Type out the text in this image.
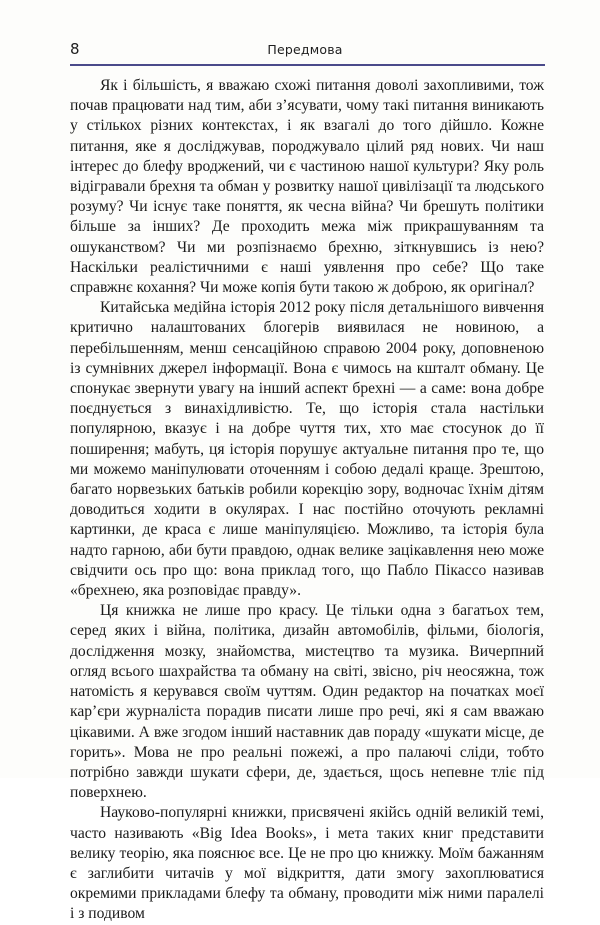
8	Передмова

Як і більшість, я вважаю схожі питання доволі захопливими, тож почав працювати над тим, аби з’ясувати, чому такі питання виникають у стількох різних контекстах, і як взагалі до того дійшло. Кожне питання, яке я досліджував, породжувало цілий ряд нових. Чи наш інтерес до блефу вроджений, чи є частиною нашої культури? Яку роль відігравали брехня та обман у розвитку нашої цивілізації та людського розуму? Чи існує таке поняття, як чесна війна? Чи брешуть політики більше за інших? Де проходить межа між прикрашуванням та ошуканством? Чи ми розпізнаємо брехню, зіткнувшись із нею? Наскільки реалістичними є наші уявлення про себе? Що таке справжнє кохання? Чи може копія бути такою ж доброю, як оригінал?

Китайська медійна історія 2012 року після детальнішого вивчення критично налаштованих блогерів виявилася не новиною, а перебільшенням, менш сенсаційною справою 2004 року, доповненою із сумнівних джерел інформації. Вона є чимось на кшталт обману. Це спонукає звернути увагу на інший аспект брехні — а саме: вона добре поєднується з винахідливістю. Те, що історія стала настільки популярною, вказує і на добре чуття тих, хто має стосунок до її поширення; мабуть, ця історія порушує актуальне питання про те, що ми можемо маніпулювати оточенням і собою дедалі краще. Зрештою, багато норвезьких батьків робили корекцію зору, водночас їхнім дітям доводиться ходити в окулярах. І нас постійно оточують рекламні картинки, де краса є лише маніпуляцією. Можливо, та історія була надто гарною, аби бути правдою, однак велике зацікавлення нею може свідчити ось про що: вона приклад того, що Пабло Пікассо називав «брехнею, яка розповідає правду».

Ця книжка не лише про красу. Це тільки одна з багатьох тем, серед яких і війна, політика, дизайн автомобілів, фільми, біологія, дослідження мозку, знайомства, мистецтво та музика. Вичерпний огляд всього шахрайства та обману на світі, звісно, річ неосяжна, тож натомість я керувався своїм чуттям. Один редактор на початках моєї кар’єри журналіста порадив писати лише про речі, які я сам вважаю цікавими. А вже згодом інший наставник дав пораду «шукати місце, де горить». Мова не про реальні пожежі, а про палаючі сліди, тобто потрібно завжди шукати сфери, де, здається, щось непевне тліє під поверхнею.

Науково-популярні книжки, присвячені якійсь одній великій темі, часто називають «Big Idea Books», і мета таких книг представити велику теорію, яка пояснює все. Це не про цю книжку. Моїм бажанням є заглибити читачів у мої відкриття, дати змогу захоплюватися окремими прикладами блефу та обману, проводити між ними паралелі і з подивом
